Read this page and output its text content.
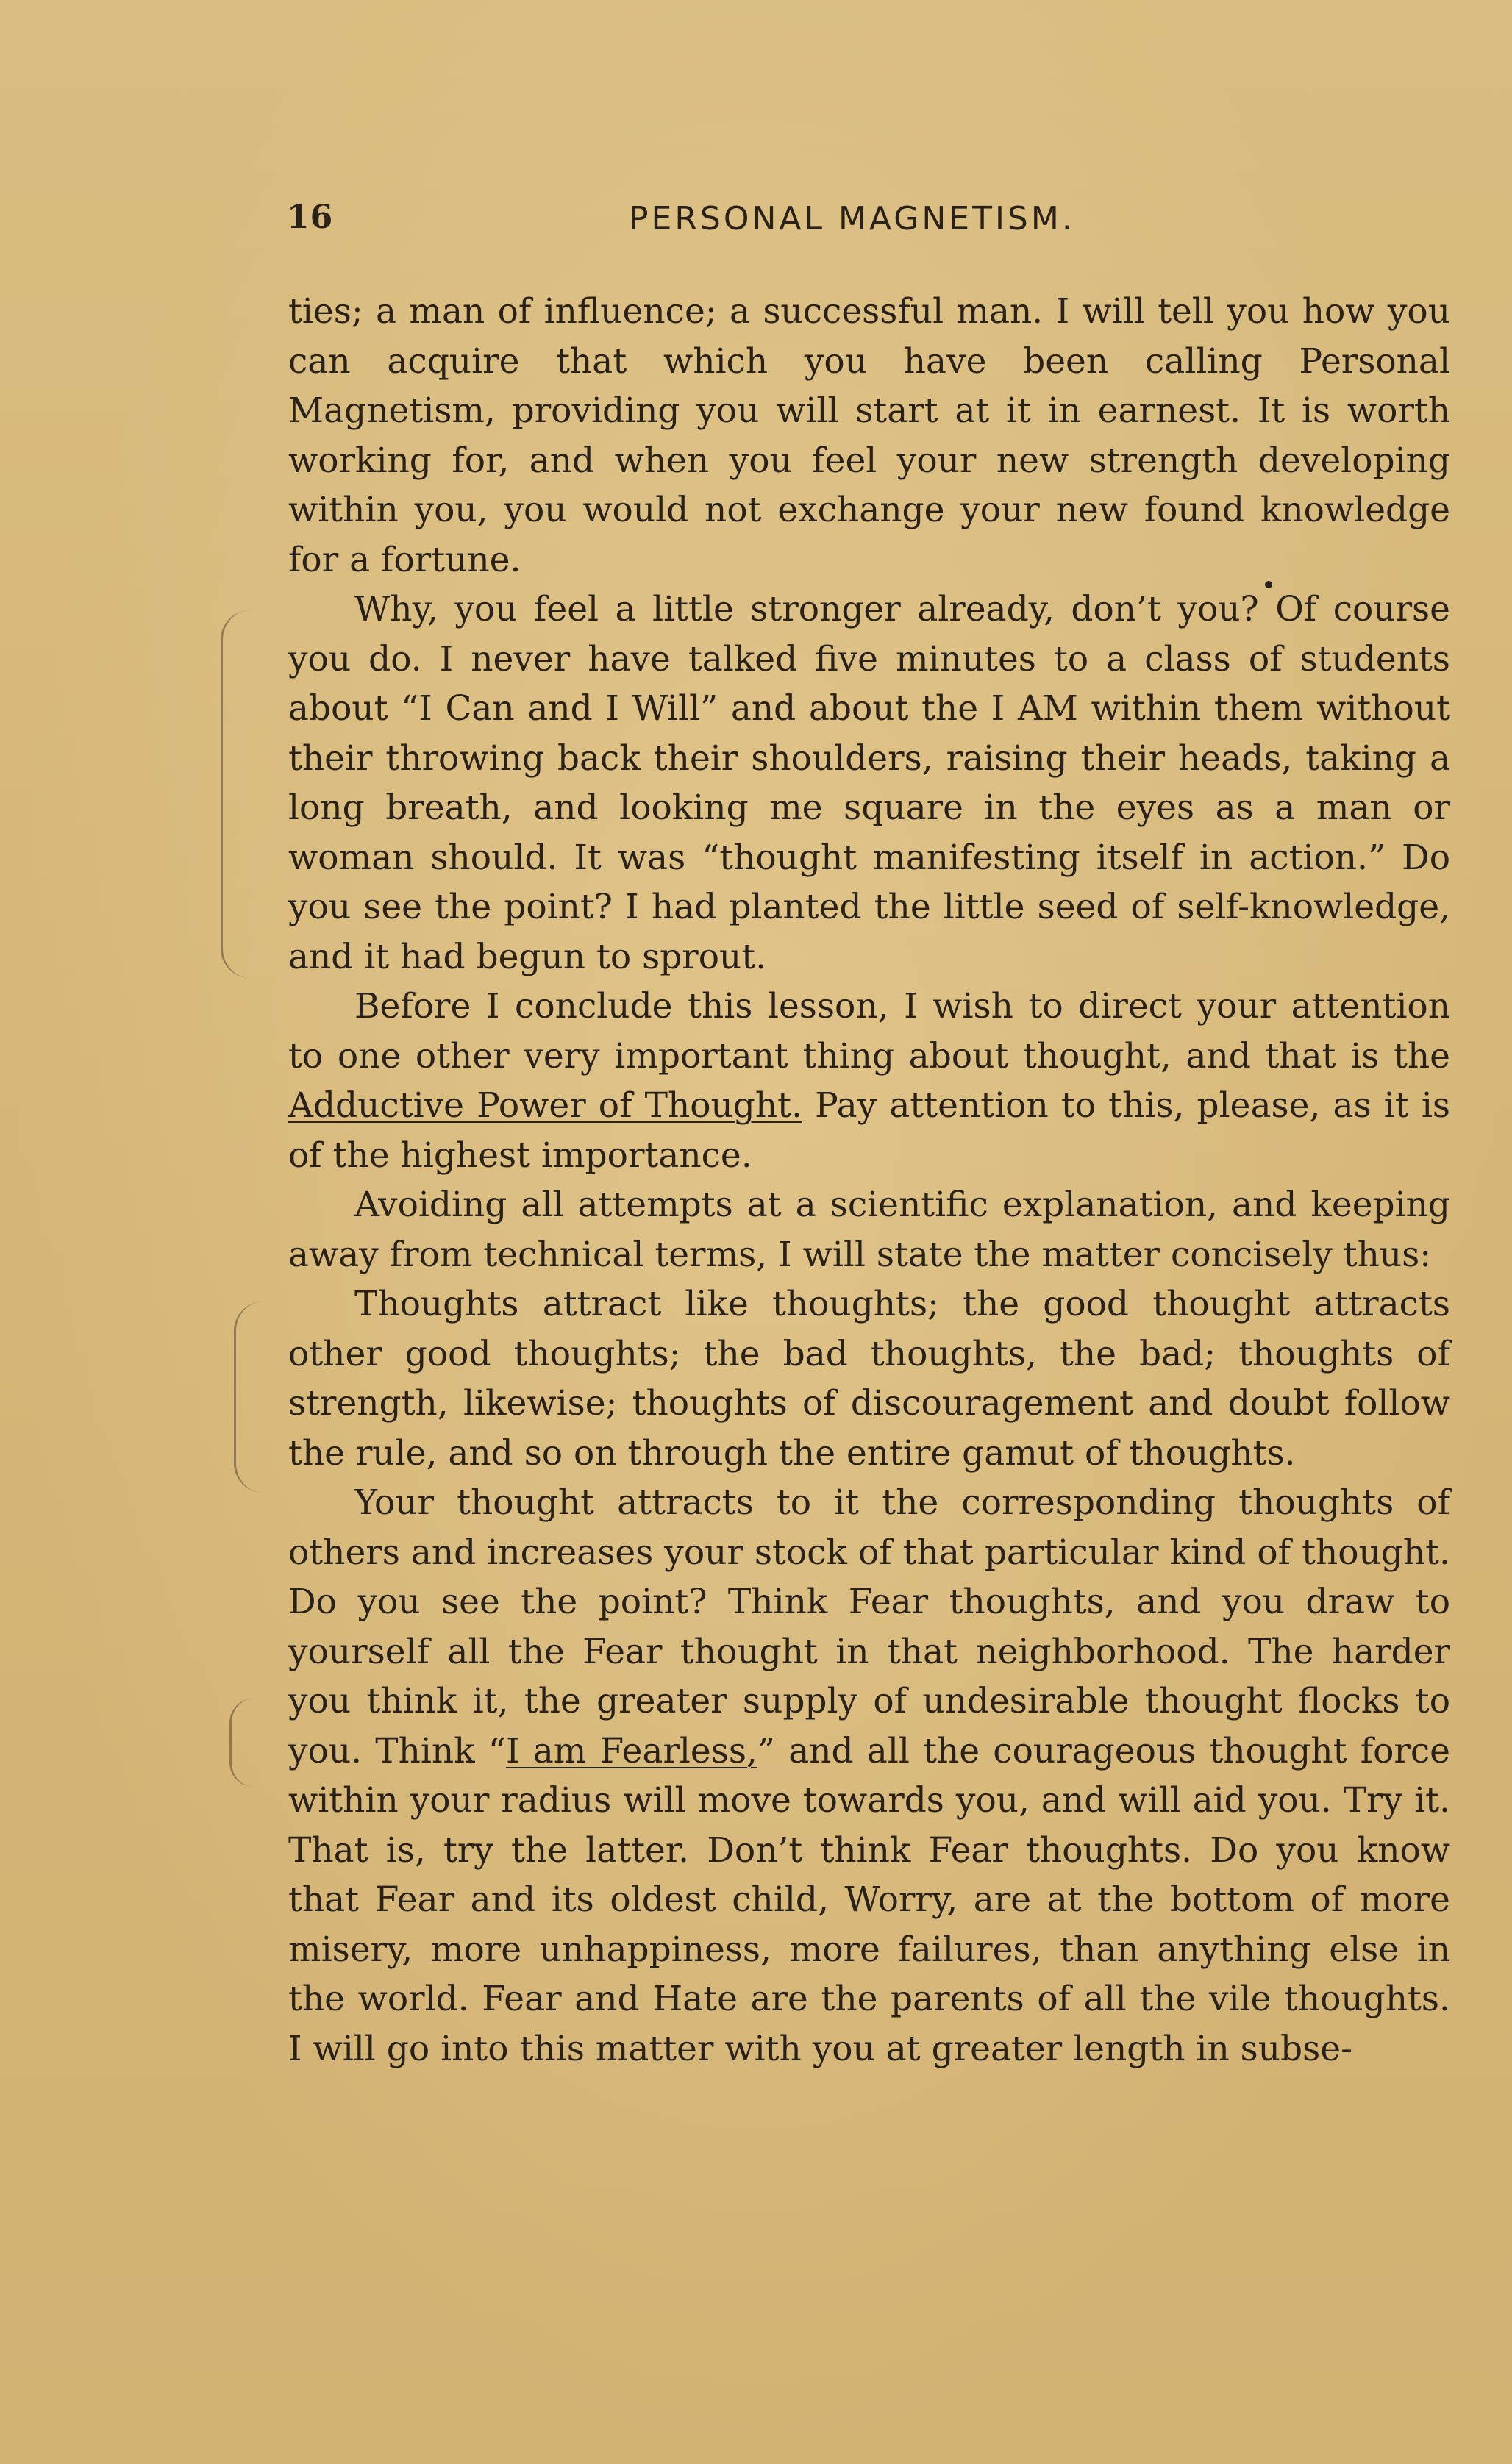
16	PERSONAL MAGNETISM.

ties; a man of influence; a successful man. I will tell you how you can acquire that which you have been calling Personal Magnetism, providing you will start at it in earnest. It is worth working for, and when you feel your new strength developing within you, you would not exchange your new found knowledge for a fortune.

Why, you feel a little stronger already, don’t you? Of course you do. I never have talked five minutes to a class of students about “I Can and I Will” and about the I AM within them without their throwing back their shoulders, raising their heads, taking a long breath, and looking me square in the eyes as a man or woman should. It was “thought manifesting itself in action.” Do you see the point? I had planted the little seed of self-knowledge, and it had begun to sprout.

Before I conclude this lesson, I wish to direct your attention to one other very important thing about thought, and that is the Adductive Power of Thought. Pay attention to this, please, as it is of the highest importance.

Avoiding all attempts at a scientific explanation, and keeping away from technical terms, I will state the matter concisely thus:

Thoughts attract like thoughts; the good thought attracts other good thoughts; the bad thoughts, the bad; thoughts of strength, likewise; thoughts of discouragement and doubt follow the rule, and so on through the entire gamut of thoughts.

Your thought attracts to it the corresponding thoughts of others and increases your stock of that particular kind of thought. Do you see the point? Think Fear thoughts, and you draw to yourself all the Fear thought in that neighborhood. The harder you think it, the greater supply of undesirable thought flocks to you. Think “I am Fearless,” and all the courageous thought force within your radius will move towards you, and will aid you. Try it. That is, try the latter. Don’t think Fear thoughts. Do you know that Fear and its oldest child, Worry, are at the bottom of more misery, more unhappiness, more failures, than anything else in the world. Fear and Hate are the parents of all the vile thoughts. I will go into this matter with you at greater length in subse-
